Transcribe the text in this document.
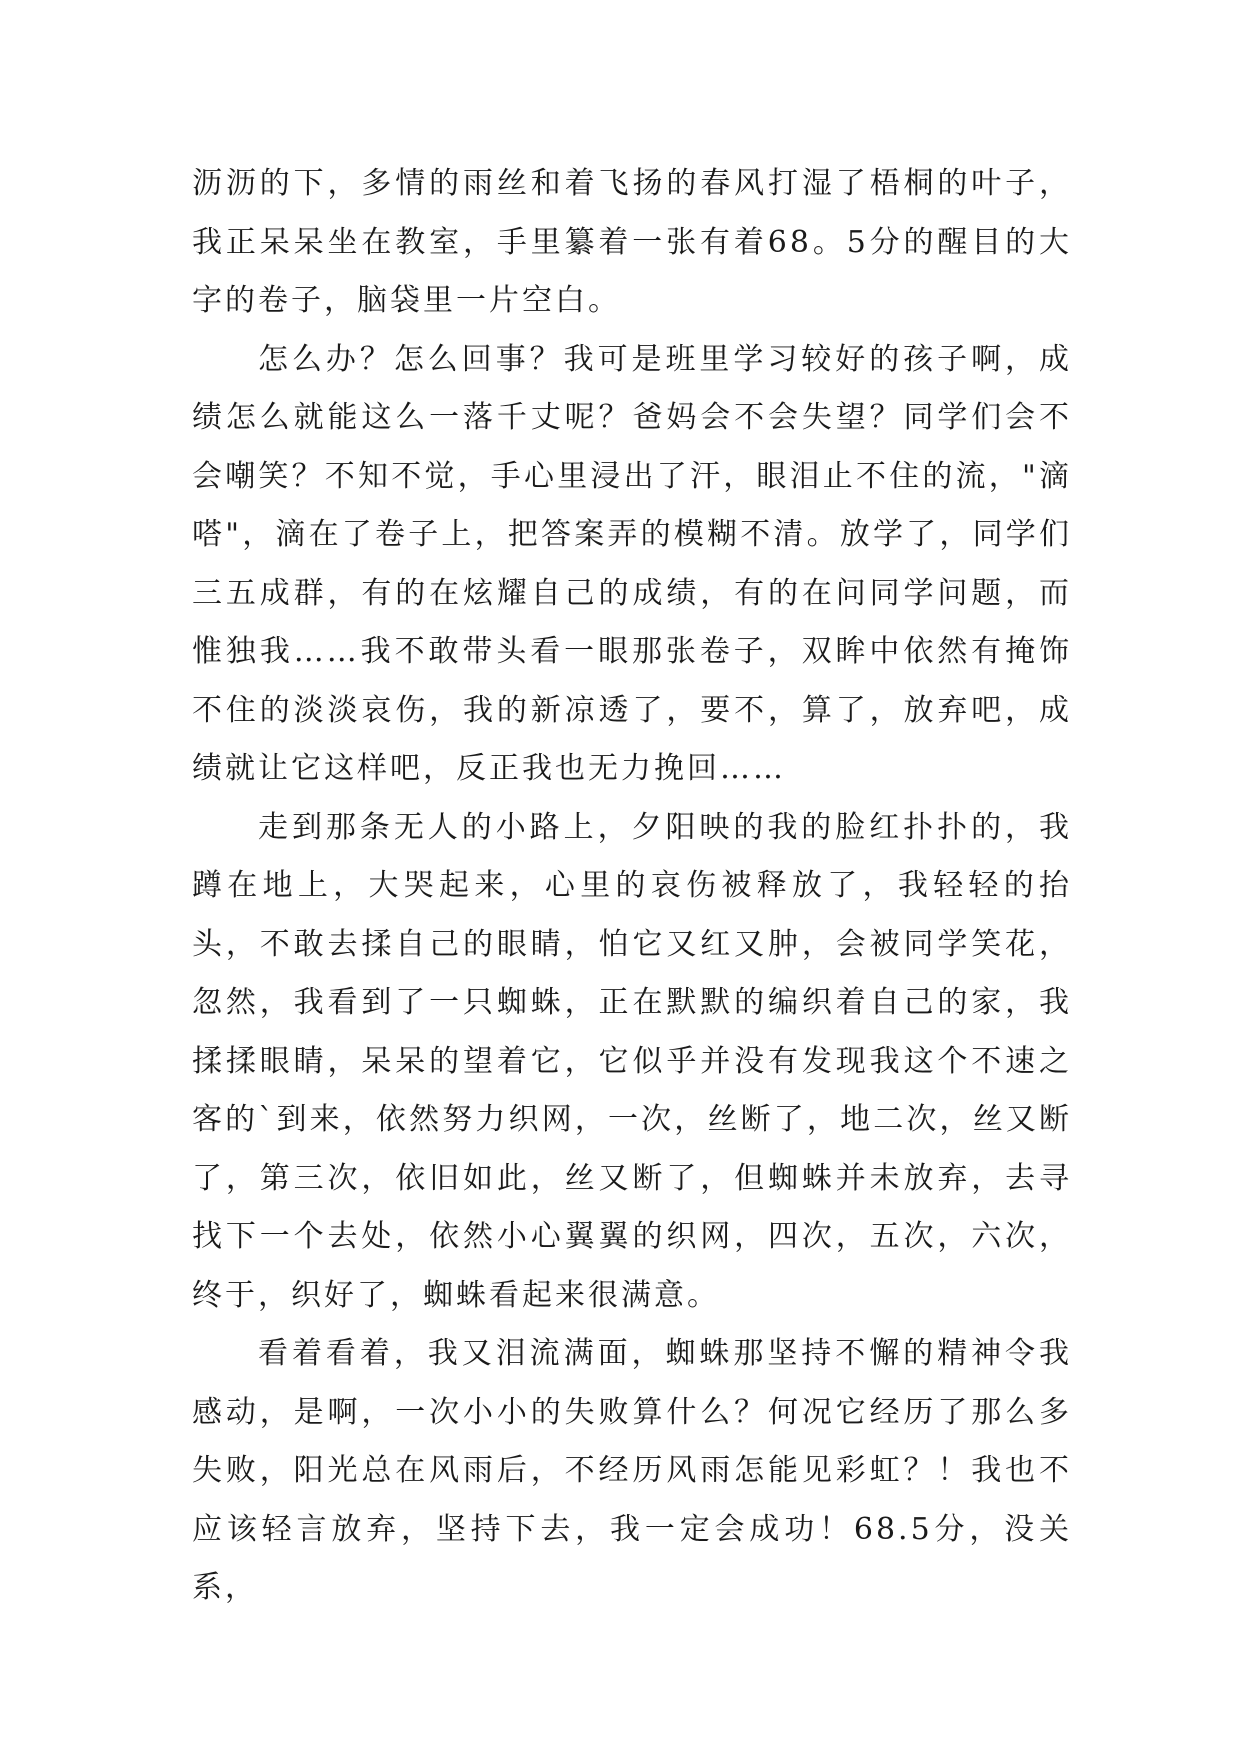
沥沥的下，多情的雨丝和着飞扬的春风打湿了梧桐的叶子，我正呆呆坐在教室，手里纂着一张有着68。5分的醒目的大字的卷子，脑袋里一片空白。

怎么办？怎么回事？我可是班里学习较好的孩子啊，成绩怎么就能这么一落千丈呢？爸妈会不会失望？同学们会不会嘲笑？不知不觉，手心里浸出了汗，眼泪止不住的流，"滴嗒"，滴在了卷子上，把答案弄的模糊不清。放学了，同学们三五成群，有的在炫耀自己的成绩，有的在问同学问题，而惟独我……我不敢带头看一眼那张卷子，双眸中依然有掩饰不住的淡淡哀伤，我的新凉透了，要不，算了，放弃吧，成绩就让它这样吧，反正我也无力挽回……

走到那条无人的小路上，夕阳映的我的脸红扑扑的，我蹲在地上，大哭起来，心里的哀伤被释放了，我轻轻的抬头，不敢去揉自己的眼睛，怕它又红又肿，会被同学笑花，忽然，我看到了一只蜘蛛，正在默默的编织着自己的家，我揉揉眼睛，呆呆的望着它，它似乎并没有发现我这个不速之客的`到来，依然努力织网，一次，丝断了，地二次，丝又断了，第三次，依旧如此，丝又断了，但蜘蛛并未放弃，去寻找下一个去处，依然小心翼翼的织网，四次，五次，六次，终于，织好了，蜘蛛看起来很满意。

看着看着，我又泪流满面，蜘蛛那坚持不懈的精神令我感动，是啊，一次小小的失败算什么？何况它经历了那么多失败，阳光总在风雨后，不经历风雨怎能见彩虹？！我也不应该轻言放弃，坚持下去，我一定会成功！68.5分，没关系，
